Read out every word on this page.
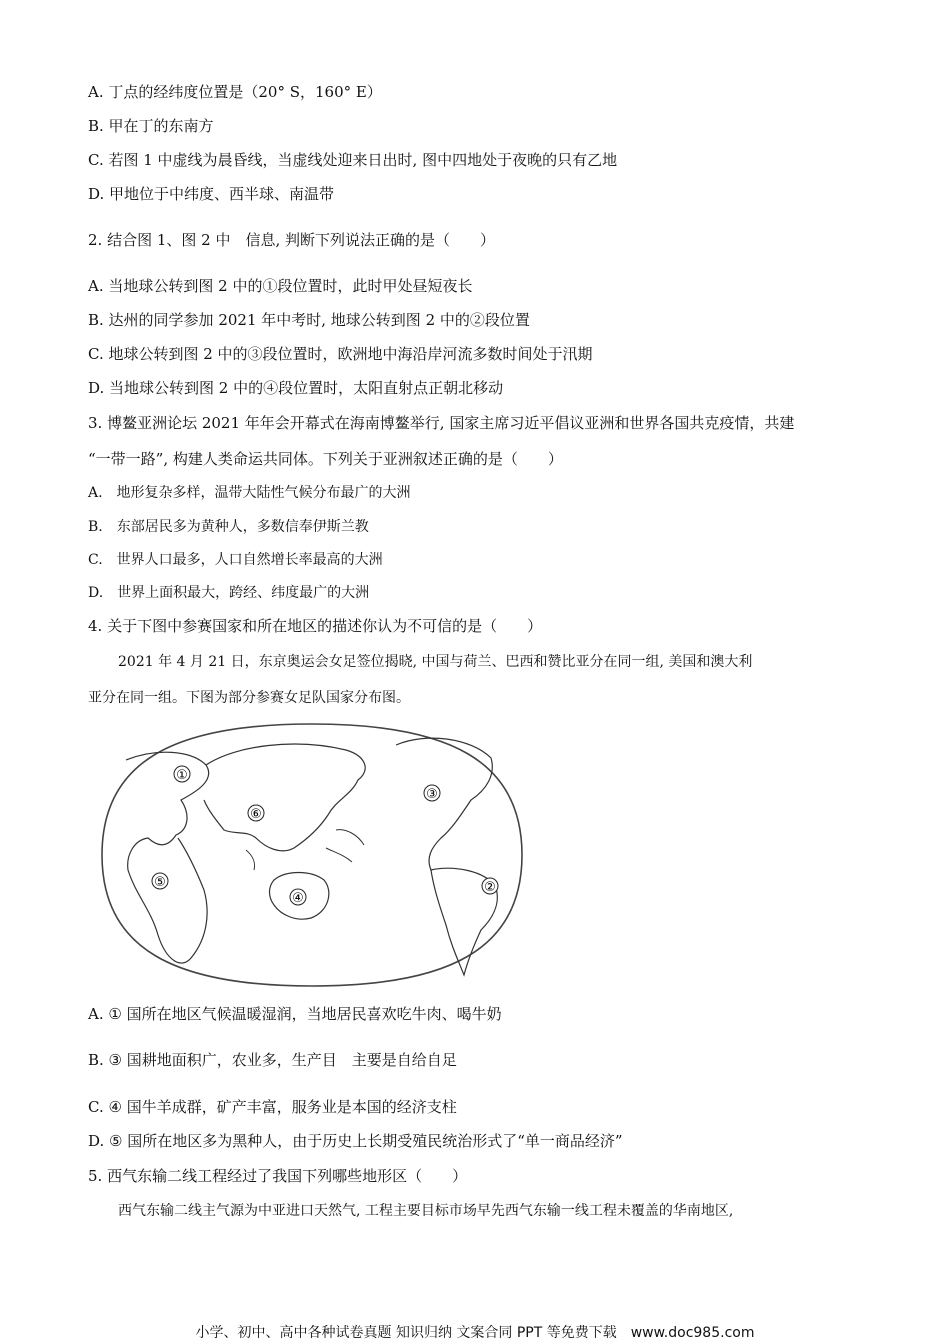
A. 丁点的经纬度位置是（20° S，160° E）
B. 甲在丁的东南方
C. 若图 1 中虚线为晨昏线，当虚线处迎来日出时, 图中四地处于夜晚的只有乙地
D. 甲地位于中纬度、西半球、南温带
2. 结合图 1、图 2 中　信息, 判断下列说法正确的是（　　）
A. 当地球公转到图 2 中的①段位置时，此时甲处昼短夜长
B. 达州的同学参加 2021 年中考时, 地球公转到图 2 中的②段位置
C. 地球公转到图 2 中的③段位置时，欧洲地中海沿岸河流多数时间处于汛期
D. 当地球公转到图 2 中的④段位置时，太阳直射点正朝北移动
3. 博鳌亚洲论坛 2021 年年会开幕式在海南博鳌举行, 国家主席习近平倡议亚洲和世界各国共克疫情，共建
“一带一路”, 构建人类命运共同体。下列关于亚洲叙述正确的是（　　）
A.　地形复杂多样，温带大陆性气候分布最广的大洲
B.　东部居民多为黄种人，多数信奉伊斯兰教
C.　世界人口最多，人口自然增长率最高的大洲
D.　世界上面积最大，跨经、纬度最广的大洲
4. 关于下图中参赛国家和所在地区的描述你认为不可信的是（　　）
2021 年 4 月 21 日，东京奥运会女足签位揭晓, 中国与荷兰、巴西和赞比亚分在同一组, 美国和澳大利
亚分在同一组。下图为部分参赛女足队国家分布图。
①
②
③
④
⑤
⑥
A. ① 国所在地区气候温暖湿润，当地居民喜欢吃牛肉、喝牛奶
B. ③ 国耕地面积广，农业多，生产目　主要是自给自足
C. ④ 国牛羊成群，矿产丰富，服务业是本国的经济支柱
D. ⑤ 国所在地区多为黑种人，由于历史上长期受殖民统治形式了“单一商品经济”
5. 西气东输二线工程经过了我国下列哪些地形区（　　）
西气东输二线主气源为中亚进口天然气, 工程主要目标市场早先西气东输一线工程未覆盖的华南地区,
小学、初中、高中各种试卷真题 知识归纳 文案合同 PPT 等免费下载　www.doc985.com
